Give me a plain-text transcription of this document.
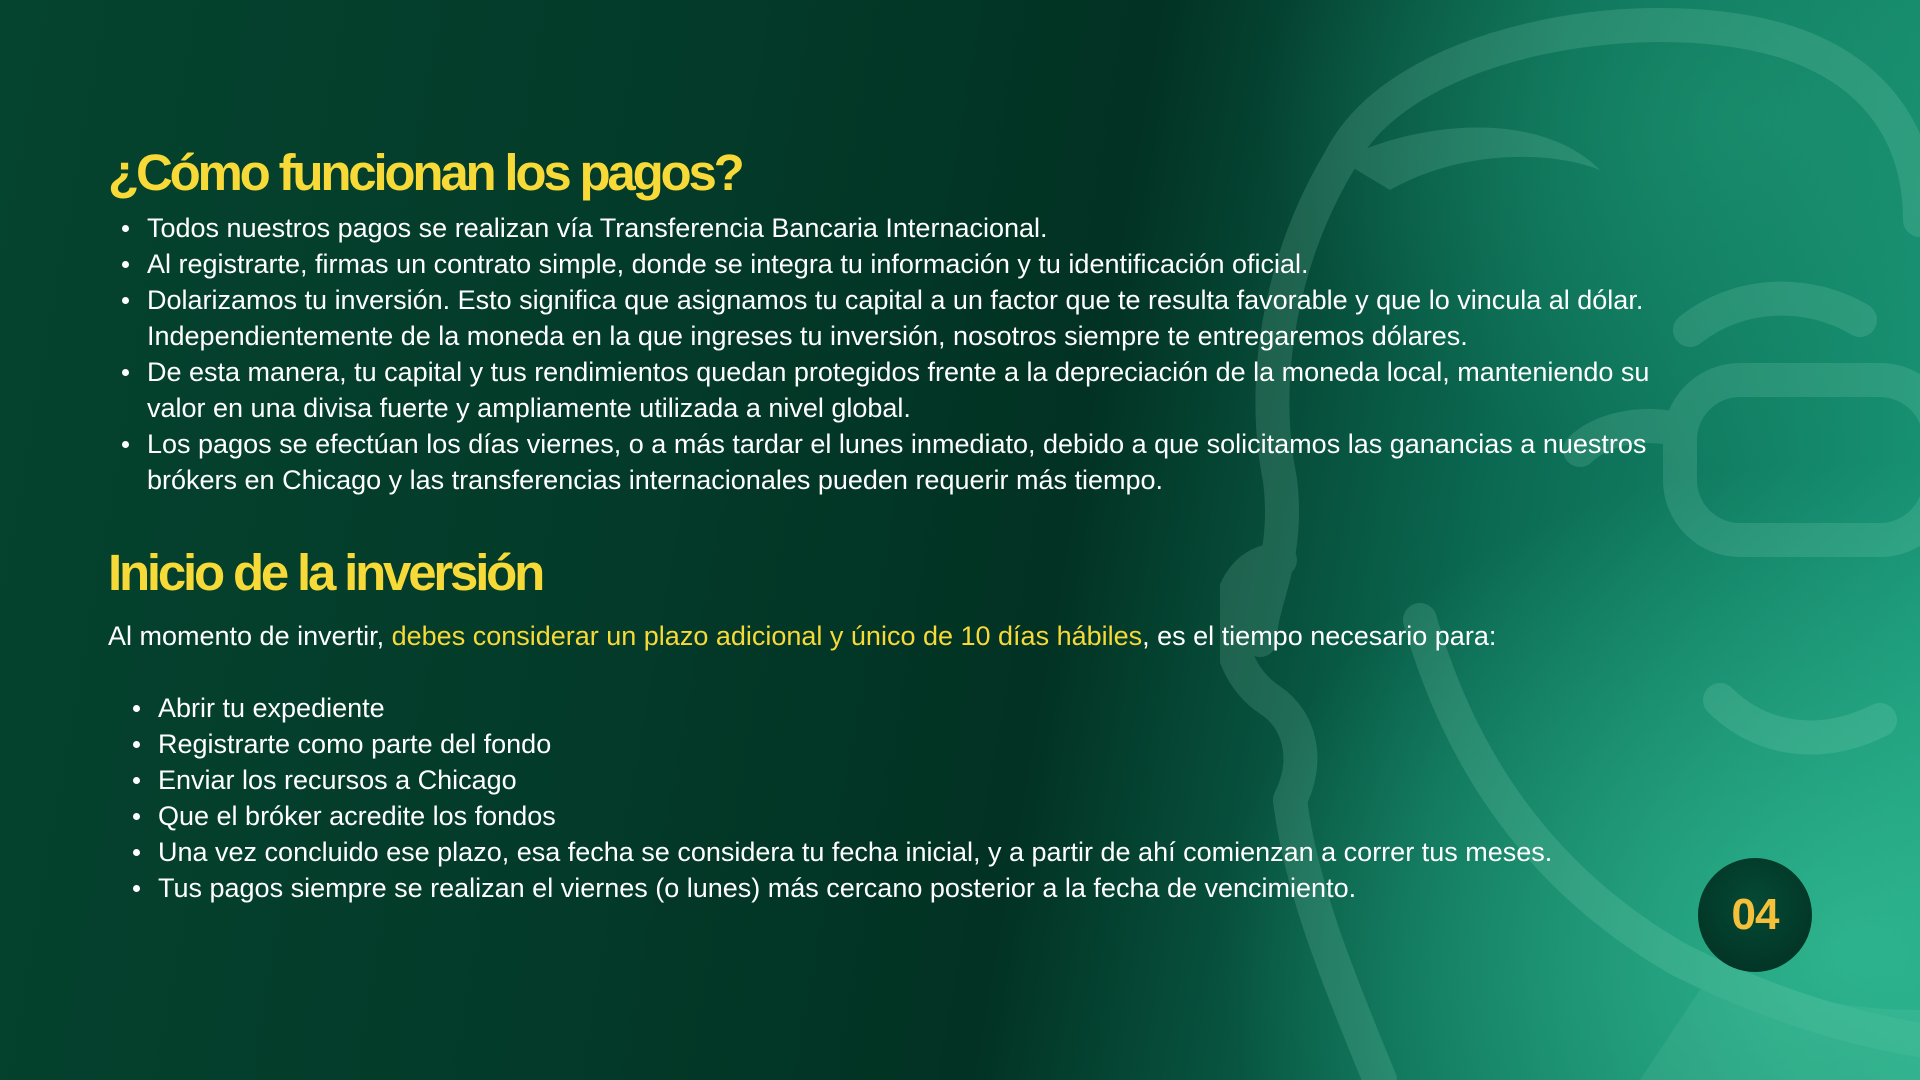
¿Cómo funcionan los pagos?
Todos nuestros pagos se realizan vía Transferencia Bancaria Internacional.
Al registrarte, firmas un contrato simple, donde se integra tu información y tu identificación oficial.
Dolarizamos tu inversión. Esto significa que asignamos tu capital a un factor que te resulta favorable y que lo vincula al dólar. Independientemente de la moneda en la que ingreses tu inversión, nosotros siempre te entregaremos dólares.
De esta manera, tu capital y tus rendimientos quedan protegidos frente a la depreciación de la moneda local, manteniendo su valor en una divisa fuerte y ampliamente utilizada a nivel global.
Los pagos se efectúan los días viernes, o a más tardar el lunes inmediato, debido a que solicitamos las ganancias a nuestros brókers en Chicago y las transferencias internacionales pueden requerir más tiempo.
Inicio de la inversión

Al momento de invertir, debes considerar un plazo adicional y único de 10 días hábiles, es el tiempo necesario para:

Abrir tu expediente
Registrarte como parte del fondo
Enviar los recursos a Chicago
Que el bróker acredite los fondos
Una vez concluido ese plazo, esa fecha se considera tu fecha inicial, y a partir de ahí comienzan a correr tus meses.
Tus pagos siempre se realizan el viernes (o lunes) más cercano posterior a la fecha de vencimiento.
04
